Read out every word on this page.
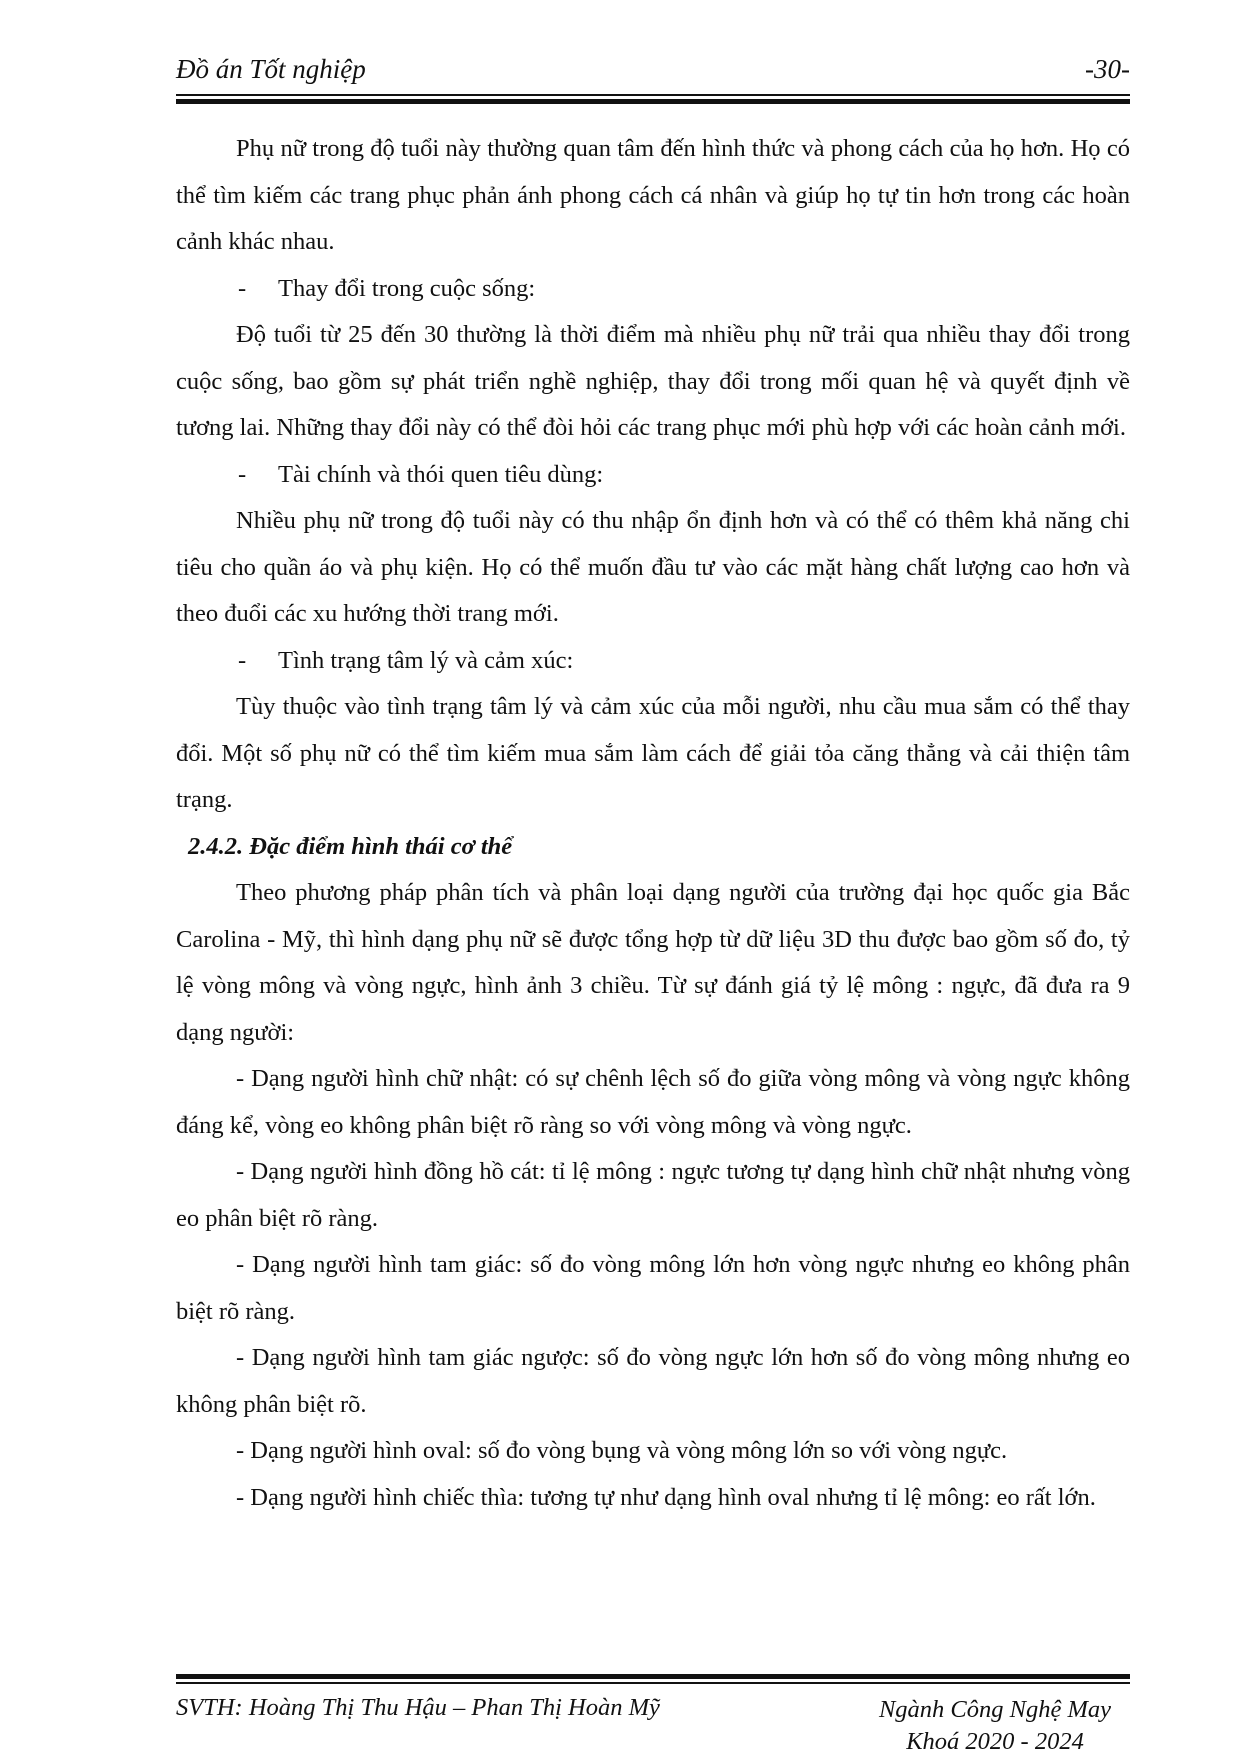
Đồ án Tốt nghiệp	-30-

Phụ nữ trong độ tuổi này thường quan tâm đến hình thức và phong cách của họ hơn. Họ có thể tìm kiếm các trang phục phản ánh phong cách cá nhân và giúp họ tự tin hơn trong các hoàn cảnh khác nhau.

- Thay đổi trong cuộc sống:

Độ tuổi từ 25 đến 30 thường là thời điểm mà nhiều phụ nữ trải qua nhiều thay đổi trong cuộc sống, bao gồm sự phát triển nghề nghiệp, thay đổi trong mối quan hệ và quyết định về tương lai. Những thay đổi này có thể đòi hỏi các trang phục mới phù hợp với các hoàn cảnh mới.

- Tài chính và thói quen tiêu dùng:

Nhiều phụ nữ trong độ tuổi này có thu nhập ổn định hơn và có thể có thêm khả năng chi tiêu cho quần áo và phụ kiện. Họ có thể muốn đầu tư vào các mặt hàng chất lượng cao hơn và theo đuổi các xu hướng thời trang mới.

- Tình trạng tâm lý và cảm xúc:

Tùy thuộc vào tình trạng tâm lý và cảm xúc của mỗi người, nhu cầu mua sắm có thể thay đổi. Một số phụ nữ có thể tìm kiếm mua sắm làm cách để giải tỏa căng thẳng và cải thiện tâm trạng.

2.4.2. Đặc điểm hình thái cơ thể

Theo phương pháp phân tích và phân loại dạng người của trường đại học quốc gia Bắc Carolina - Mỹ, thì hình dạng phụ nữ sẽ được tổng hợp từ dữ liệu 3D thu được bao gồm số đo, tỷ lệ vòng mông và vòng ngực, hình ảnh 3 chiều. Từ sự đánh giá tỷ lệ mông : ngực, đã đưa ra 9 dạng người:

- Dạng người hình chữ nhật: có sự chênh lệch số đo giữa vòng mông và vòng ngực không đáng kể, vòng eo không phân biệt rõ ràng so với vòng mông và vòng ngực.

- Dạng người hình đồng hồ cát: tỉ lệ mông : ngực tương tự dạng hình chữ nhật nhưng vòng eo phân biệt rõ ràng.

- Dạng người hình tam giác: số đo vòng mông lớn hơn vòng ngực nhưng eo không phân biệt rõ ràng.

- Dạng người hình tam giác ngược: số đo vòng ngực lớn hơn số đo vòng mông nhưng eo không phân biệt rõ.

- Dạng người hình oval: số đo vòng bụng và vòng mông lớn so với vòng ngực.

- Dạng người hình chiếc thìa: tương tự như dạng hình oval nhưng tỉ lệ mông: eo rất lớn.

SVTH: Hoàng Thị Thu Hậu – Phan Thị Hoàn Mỹ	Ngành Công Nghệ May
Khoá 2020 - 2024
